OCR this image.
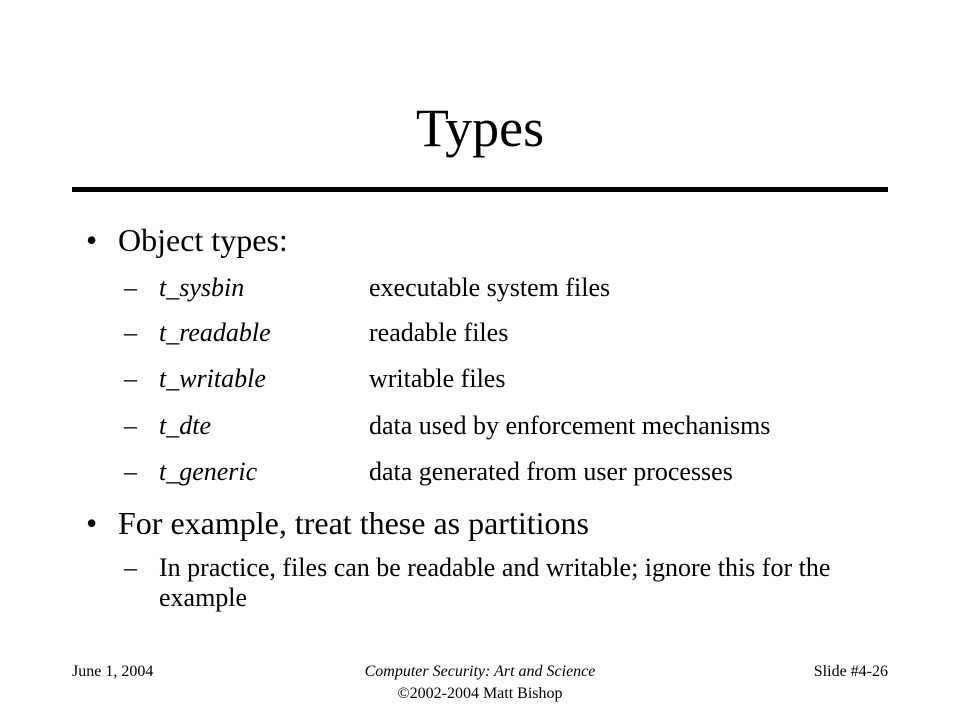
Types
• Object types:
– t_sysbin	executable system files
– t_readable	readable files
– t_writable	writable files
– t_dte	data used by enforcement mechanisms
– t_generic	data generated from user processes
• For example, treat these as partitions
– In practice, files can be readable and writable; ignore this for the example
June 1, 2004	Computer Security: Art and Science
©2002-2004 Matt Bishop
Slide #4-26
